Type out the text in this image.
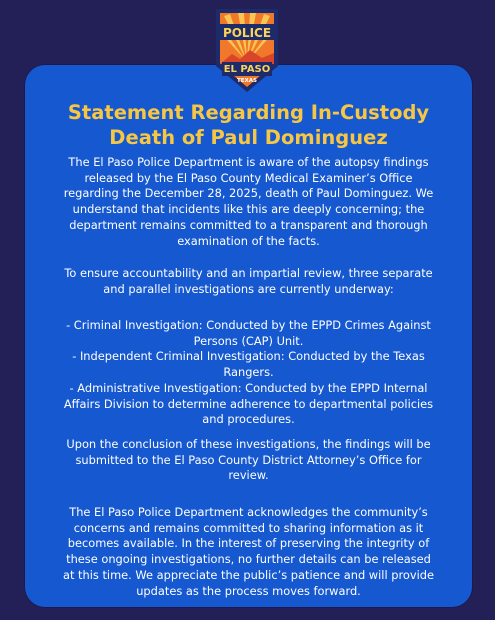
POLICE
EL PASO
TEXAS
Statement Regarding In-Custody
Death of Paul Dominguez

The El Paso Police Department is aware of the autopsy findings
released by the El Paso County Medical Examiner’s Office
regarding the December 28, 2025, death of Paul Dominguez. We
understand that incidents like this are deeply concerning; the
department remains committed to a transparent and thorough
examination of the facts.

To ensure accountability and an impartial review, three separate
and parallel investigations are currently underway:

- Criminal Investigation: Conducted by the EPPD Crimes Against
Persons (CAP) Unit.
- Independent Criminal Investigation: Conducted by the Texas
Rangers.
- Administrative Investigation: Conducted by the EPPD Internal
Affairs Division to determine adherence to departmental policies
and procedures.

Upon the conclusion of these investigations, the findings will be
submitted to the El Paso County District Attorney’s Office for
review.

The El Paso Police Department acknowledges the community’s
concerns and remains committed to sharing information as it
becomes available. In the interest of preserving the integrity of
these ongoing investigations, no further details can be released
at this time. We appreciate the public’s patience and will provide
updates as the process moves forward.
